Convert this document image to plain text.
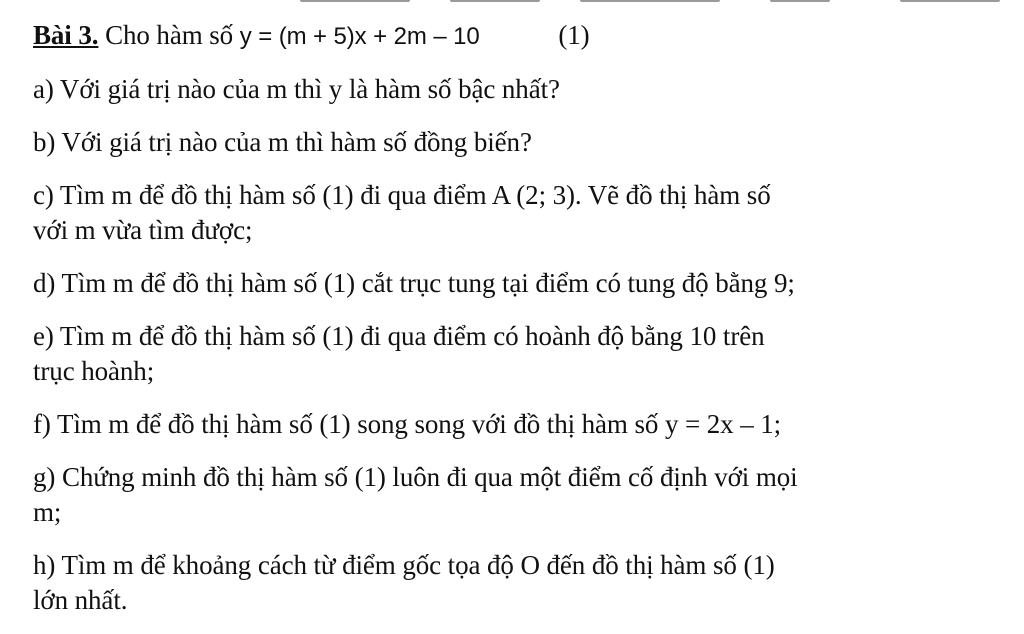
Bài 3. Cho hàm số y = (m + 5)x + 2m – 10	(1)
a) Với giá trị nào của m thì y là hàm số bậc nhất?
b) Với giá trị nào của m thì hàm số đồng biến?
c) Tìm m để đồ thị hàm số (1) đi qua điểm A (2; 3). Vẽ đồ thị hàm số
với m vừa tìm được;
d) Tìm m để đồ thị hàm số (1) cắt trục tung tại điểm có tung độ bằng 9;
e) Tìm m để đồ thị hàm số (1) đi qua điểm có hoành độ bằng 10 trên
trục hoành;
f) Tìm m để đồ thị hàm số (1) song song với đồ thị hàm số y = 2x – 1;
g) Chứng minh đồ thị hàm số (1) luôn đi qua một điểm cố định với mọi
m;
h) Tìm m để khoảng cách từ điểm gốc tọa độ O đến đồ thị hàm số (1)
lớn nhất.
